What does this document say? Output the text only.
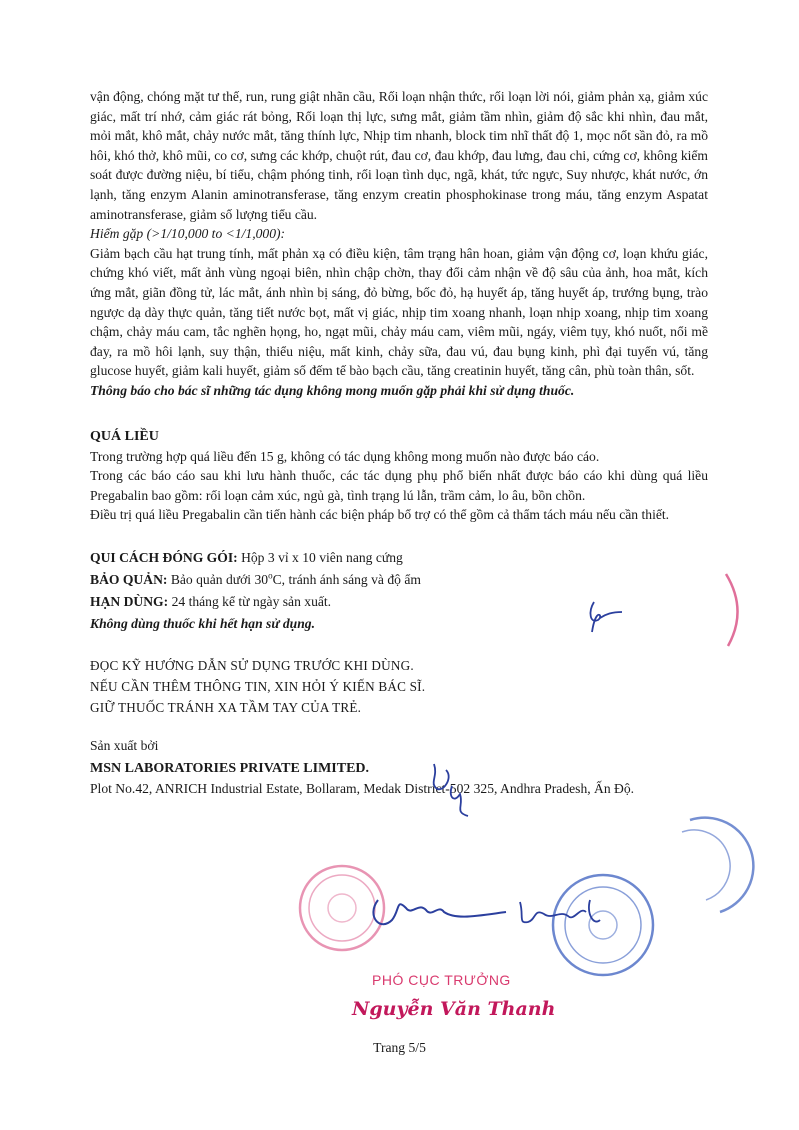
vận động, chóng mặt tư thế, run, rung giật nhãn cầu, Rối loạn nhận thức, rối loạn lời nói, giảm phản xạ, giảm xúc giác, mất trí nhớ, cảm giác rát bỏng, Rối loạn thị lực, sưng mắt, giảm tầm nhìn, giảm độ sắc khi nhìn, đau mắt, mỏi mắt, khô mắt, chảy nước mắt, tăng thính lực, Nhịp tim nhanh, block tim nhĩ thất độ 1, mọc nốt sần đỏ, ra mồ hôi, khó thở, khô mũi, co cơ, sưng các khớp, chuột rút, đau cơ, đau khớp, đau lưng, đau chi, cứng cơ, không kiểm soát được đường niệu, bí tiểu, chậm phóng tinh, rối loạn tình dục, ngã, khát, tức ngực, Suy nhược, khát nước, ớn lạnh, tăng enzym Alanin aminotransferase, tăng enzym creatin phosphokinase trong máu, tăng enzym Aspatat aminotransferase, giảm số lượng tiểu cầu.

Hiếm gặp (>1/10,000 to <1/1,000):

Giảm bạch cầu hạt trung tính, mất phản xạ có điều kiện, tâm trạng hân hoan, giảm vận động cơ, loạn khứu giác, chứng khó viết, mất ảnh vùng ngoại biên, nhìn chập chờn, thay đổi cảm nhận về độ sâu của ảnh, hoa mắt, kích ứng mắt, giãn đồng tử, lác mắt, ánh nhìn bị sáng, đỏ bừng, bốc đỏ, hạ huyết áp, tăng huyết áp, trướng bụng, trào ngược dạ dày thực quản, tăng tiết nước bọt, mất vị giác, nhịp tim xoang nhanh, loạn nhịp xoang, nhịp tim xoang chậm, chảy máu cam, tắc nghẽn họng, ho, ngạt mũi, chảy máu cam, viêm mũi, ngáy, viêm tụy, khó nuốt, nổi mề đay, ra mồ hôi lạnh, suy thận, thiểu niệu, mất kinh, chảy sữa, đau vú, đau bụng kinh, phì đại tuyến vú, tăng glucose huyết, giảm kali huyết, giảm số đếm tế bào bạch cầu, tăng creatinin huyết, tăng cân, phù toàn thân, sốt.

Thông báo cho bác sĩ những tác dụng không mong muốn gặp phải khi sử dụng thuốc.

QUÁ LIỀU

Trong trường hợp quá liều đến 15 g, không có tác dụng không mong muốn nào được báo cáo.

Trong các báo cáo sau khi lưu hành thuốc, các tác dụng phụ phổ biến nhất được báo cáo khi dùng quá liều Pregabalin bao gồm: rối loạn cảm xúc, ngủ gà, tình trạng lú lẫn, trầm cảm, lo âu, bồn chồn.

Điều trị quá liều Pregabalin cần tiến hành các biện pháp bổ trợ có thể gồm cả thẩm tách máu nếu cần thiết.

QUI CÁCH ĐÓNG GÓI: Hộp 3 vỉ x 10 viên nang cứng

BẢO QUẢN: Bảo quản dưới 30$^o$C, tránh ánh sáng và độ ẩm

HẠN DÙNG: 24 tháng kể từ ngày sản xuất.

Không dùng thuốc khi hết hạn sử dụng.

ĐỌC KỸ HƯỚNG DẪN SỬ DỤNG TRƯỚC KHI DÙNG.
NẾU CẦN THÊM THÔNG TIN, XIN HỎI Ý KIẾN BÁC SĨ.
GIỮ THUỐC TRÁNH XA TẦM TAY CỦA TRẺ.

Sản xuất bởi

MSN LABORATORIES PRIVATE LIMITED.

Plot No.42, ANRICH Industrial Estate, Bollaram, Medak District-502 325, Andhra Pradesh, Ấn Độ.

PHÓ CỤC TRƯỞNG
Nguyễn Văn Thanh
Trang 5/5
